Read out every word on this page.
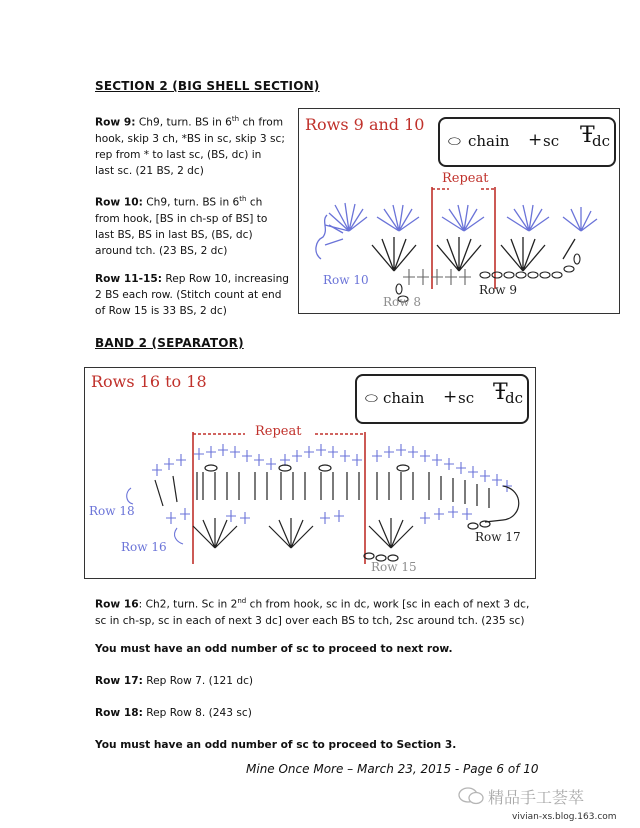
SECTION 2 (BIG SHELL SECTION)
Row 9: Ch9, turn. BS in 6th ch from
hook, skip 3 ch, *BS in sc, skip 3 sc;
rep from * to last sc, (BS, dc) in
last sc. (21 BS, 2 dc)
Row 10: Ch9, turn. BS in 6th ch
from hook, [BS in ch-sp of BS] to
last BS, BS in last BS, (BS, dc)
around tch. (23 BS, 2 dc)
Row 11-15: Rep Row 10, increasing
2 BS each row. (Stitch count at end
of Row 15 is 33 BS, 2 dc)
Rows 9 and 10
⬭ chain + sc Ŧ
dc
Repeat
Row 10
Row 8
Row 9
BAND 2 (SEPARATOR)
Rows 16 to 18
⬭ chain + sc Ŧ
dc
Repeat
Row 18
Row 16
Row 17
Row 15
Row 16: Ch2, turn. Sc in 2nd ch from hook, sc in dc, work [sc in each of next 3 dc,
sc in ch-sp, sc in each of next 3 dc] over each BS to tch, 2sc around tch. (235 sc)
You must have an odd number of sc to proceed to next row.
Row 17: Rep Row 7. (121 dc)
Row 18: Rep Row 8. (243 sc)
You must have an odd number of sc to proceed to Section 3.
Mine Once More – March 23, 2015 - Page 6 of 10
精品手工荟萃
vivian-xs.blog.163.com
